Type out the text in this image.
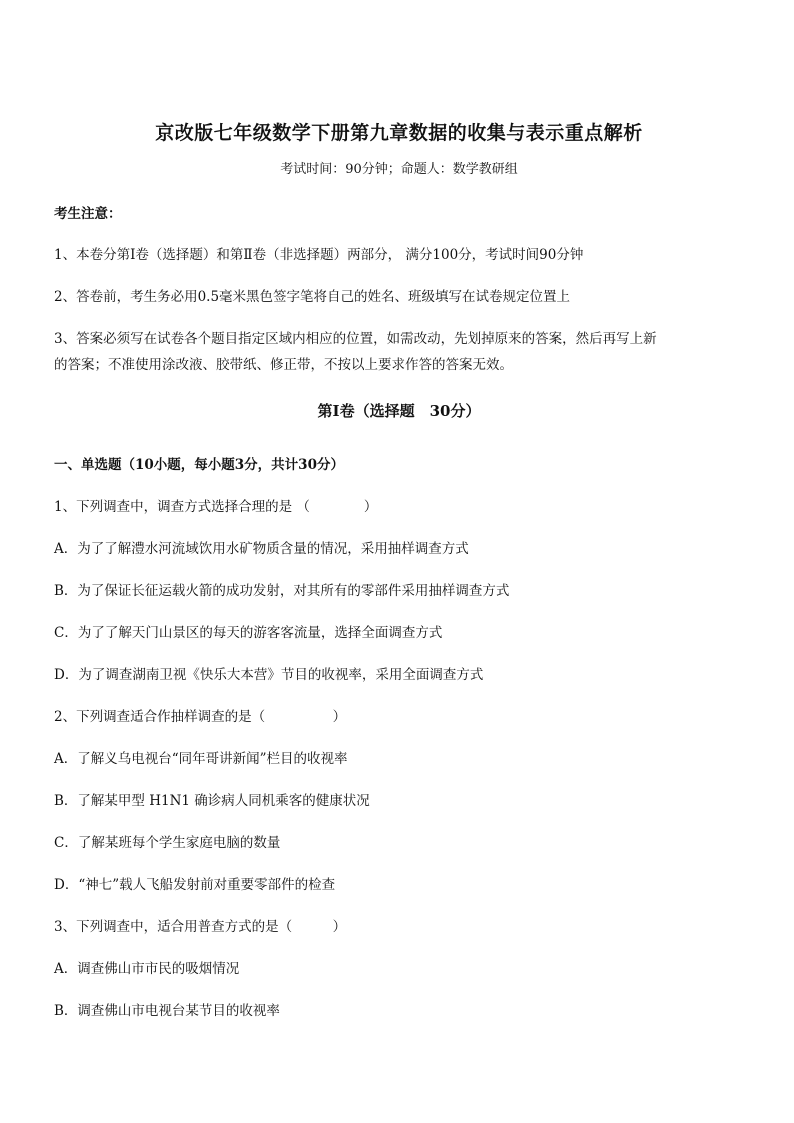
京改版七年级数学下册第九章数据的收集与表示重点解析
考试时间：90分钟；命题人：数学教研组
考生注意：
1、本卷分第Ⅰ卷（选择题）和第Ⅱ卷（非选择题）两部分， 满分100分，考试时间90分钟
2、答卷前，考生务必用0.5毫米黑色签字笔将自己的姓名、班级填写在试卷规定位置上
3、答案必须写在试卷各个题目指定区域内相应的位置，如需改动，先划掉原来的答案，然后再写上新
的答案；不准使用涂改液、胶带纸、修正带，不按以上要求作答的答案无效。
第Ⅰ卷（选择题　30分）
一、单选题（10小题，每小题3分，共计30分）
1、下列调查中，调查方式选择合理的是 （　　　　）
A．为了了解澧水河流域饮用水矿物质含量的情况，采用抽样调查方式
B．为了保证长征运载火箭的成功发射，对其所有的零部件采用抽样调查方式
C．为了了解天门山景区的每天的游客客流量，选择全面调查方式
D．为了调查湖南卫视《快乐大本营》节目的收视率，采用全面调查方式
2、下列调查适合作抽样调查的是（　　　　　）
A．了解义乌电视台“同年哥讲新闻”栏目的收视率
B．了解某甲型 H1N1 确诊病人同机乘客的健康状况
C．了解某班每个学生家庭电脑的数量
D．“神七”载人飞船发射前对重要零部件的检查
3、下列调查中，适合用普查方式的是（　　　）
A．调查佛山市市民的吸烟情况
B．调查佛山市电视台某节目的收视率
